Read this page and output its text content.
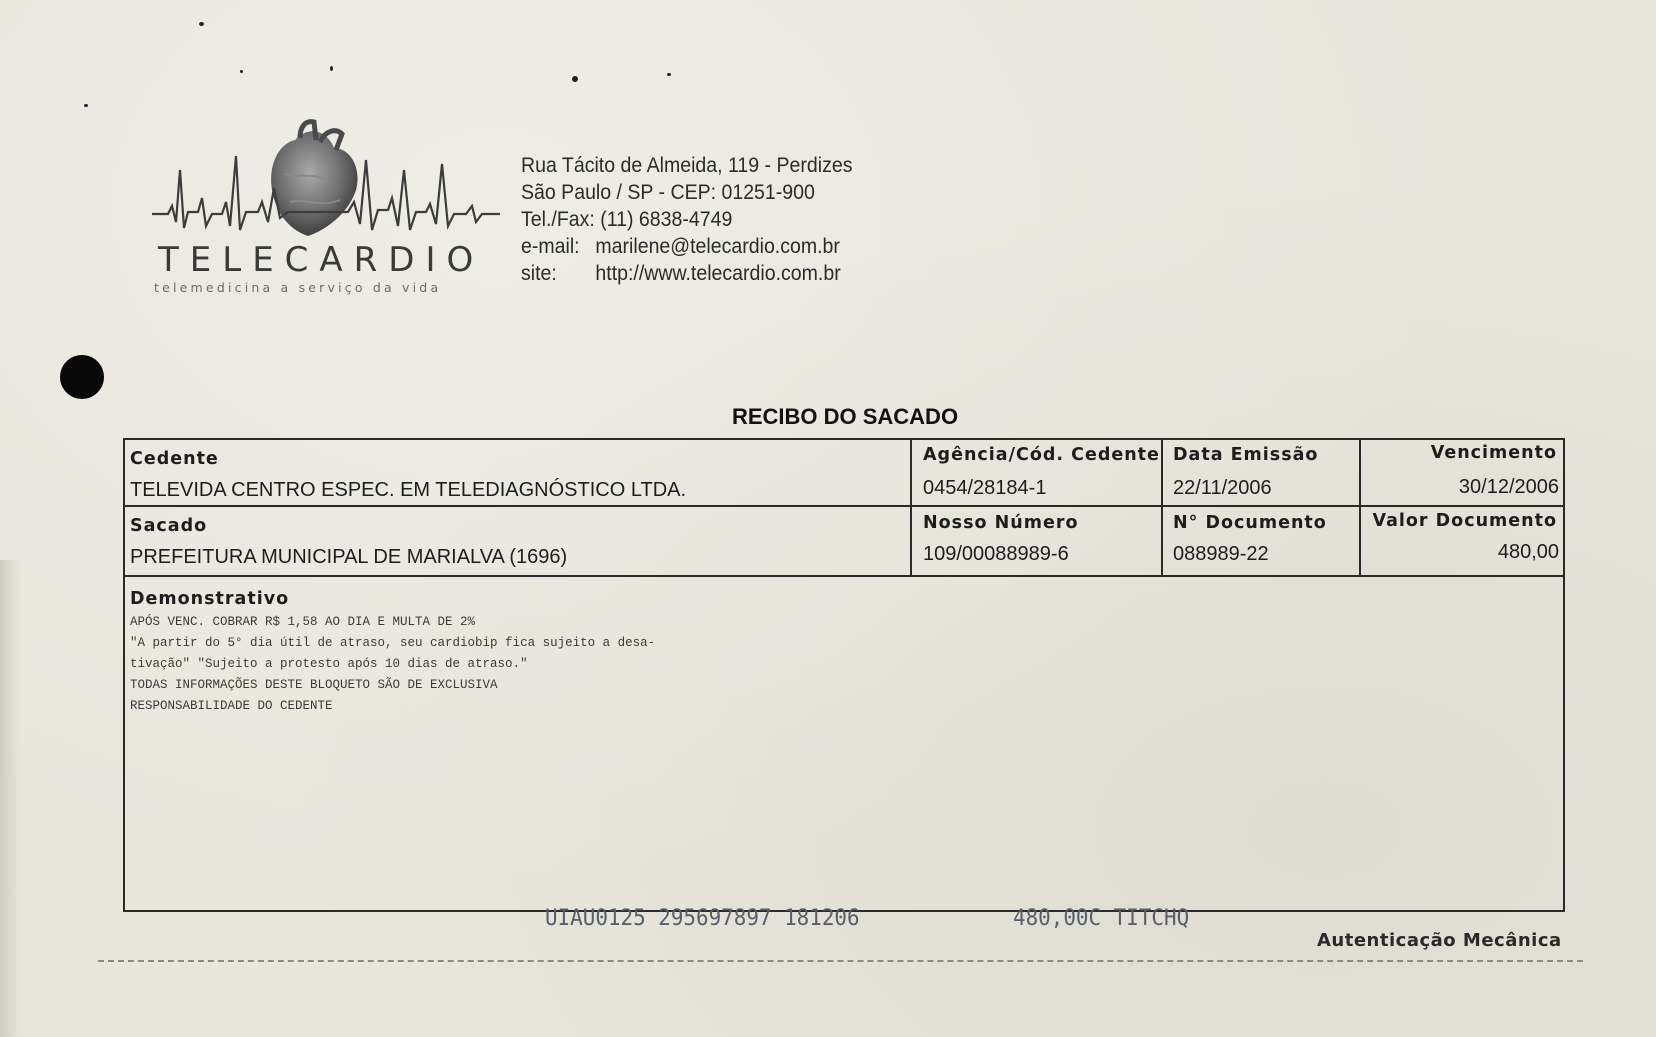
TELECARDIO
telemedicina a serviço da vida
Rua Tácito de Almeida, 119 - Perdizes
São Paulo / SP - CEP: 01251-900
Tel./Fax: (11) 6838-4749
e-mail: marilene@telecardio.com.br
site: http://www.telecardio.com.br
RECIBO DO SACADO
Cedente
TELEVIDA CENTRO ESPEC. EM TELEDIAGNÓSTICO LTDA.
Agência/Cód. Cedente
0454/28184-1
Data Emissão
22/11/2006
Vencimento
30/12/2006
Sacado
PREFEITURA MUNICIPAL DE MARIALVA (1696)
Nosso Número
109/00088989-6
N° Documento
088989-22
Valor Documento
480,00
Demonstrativo
APÓS VENC. COBRAR R$ 1,58 AO DIA E MULTA DE 2%
"A partir do 5° dia útil de atraso, seu cardiobip fica sujeito a desa-
tivação" "Sujeito a protesto após 10 dias de atraso."
TODAS INFORMAÇÕES DESTE BLOQUETO SÃO DE EXCLUSIVA
RESPONSABILIDADE DO CEDENTE
UIAU0125 295697897 181206	480,00C TITCHQ
Autenticação Mecânica
